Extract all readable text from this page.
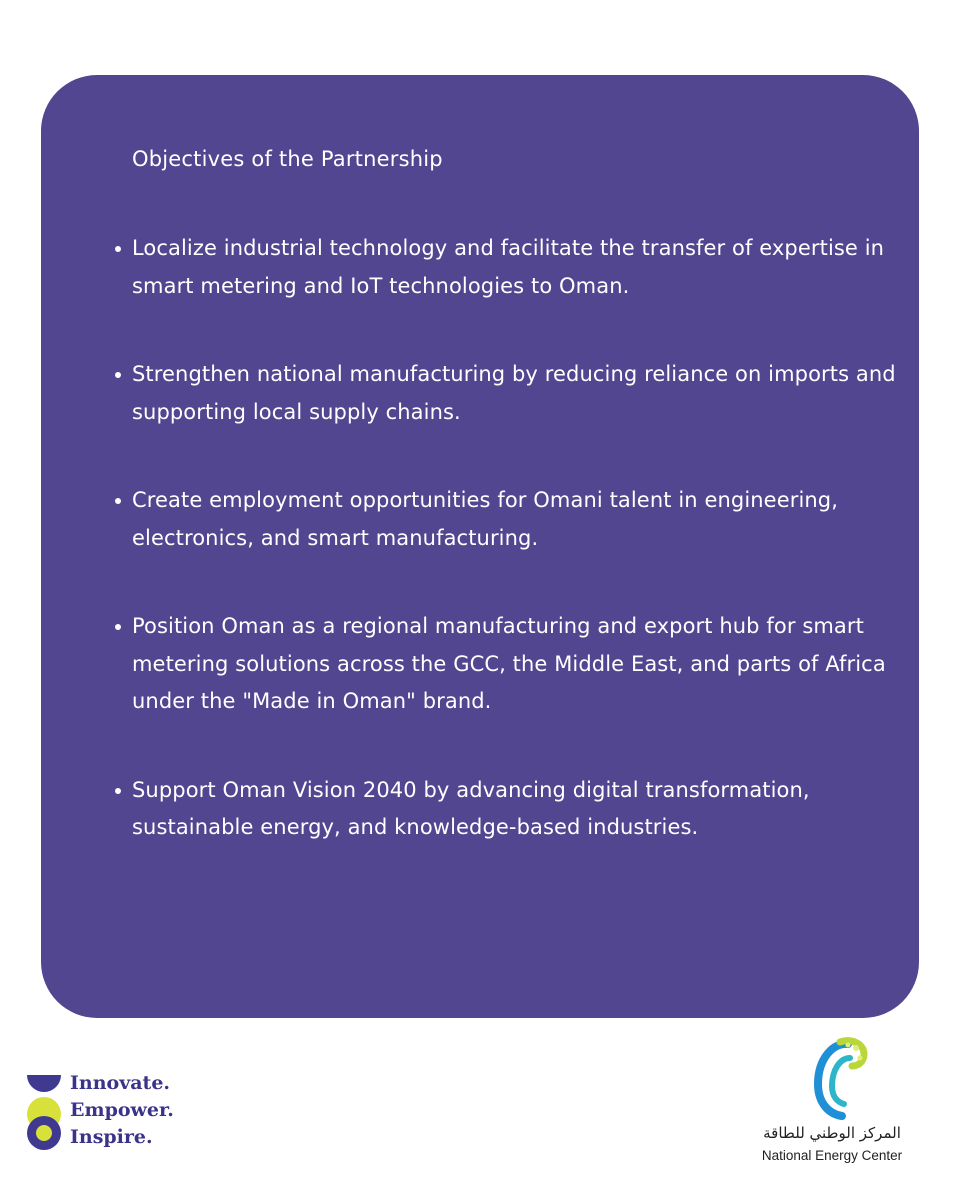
Objectives of the Partnership
Localize industrial technology and facilitate the transfer of expertise in smart metering and IoT technologies to Oman.
Strengthen national manufacturing by reducing reliance on imports and supporting local supply chains.
Create employment opportunities for Omani talent in engineering, electronics, and smart manufacturing.
Position Oman as a regional manufacturing and export hub for smart metering solutions across the GCC, the Middle East, and parts of Africa under the "Made in Oman" brand.
Support Oman Vision 2040 by advancing digital transformation, sustainable energy, and knowledge-based industries.
Innovate.
Empower.
Inspire.	المركز الوطني للطاقة
National Energy Center
